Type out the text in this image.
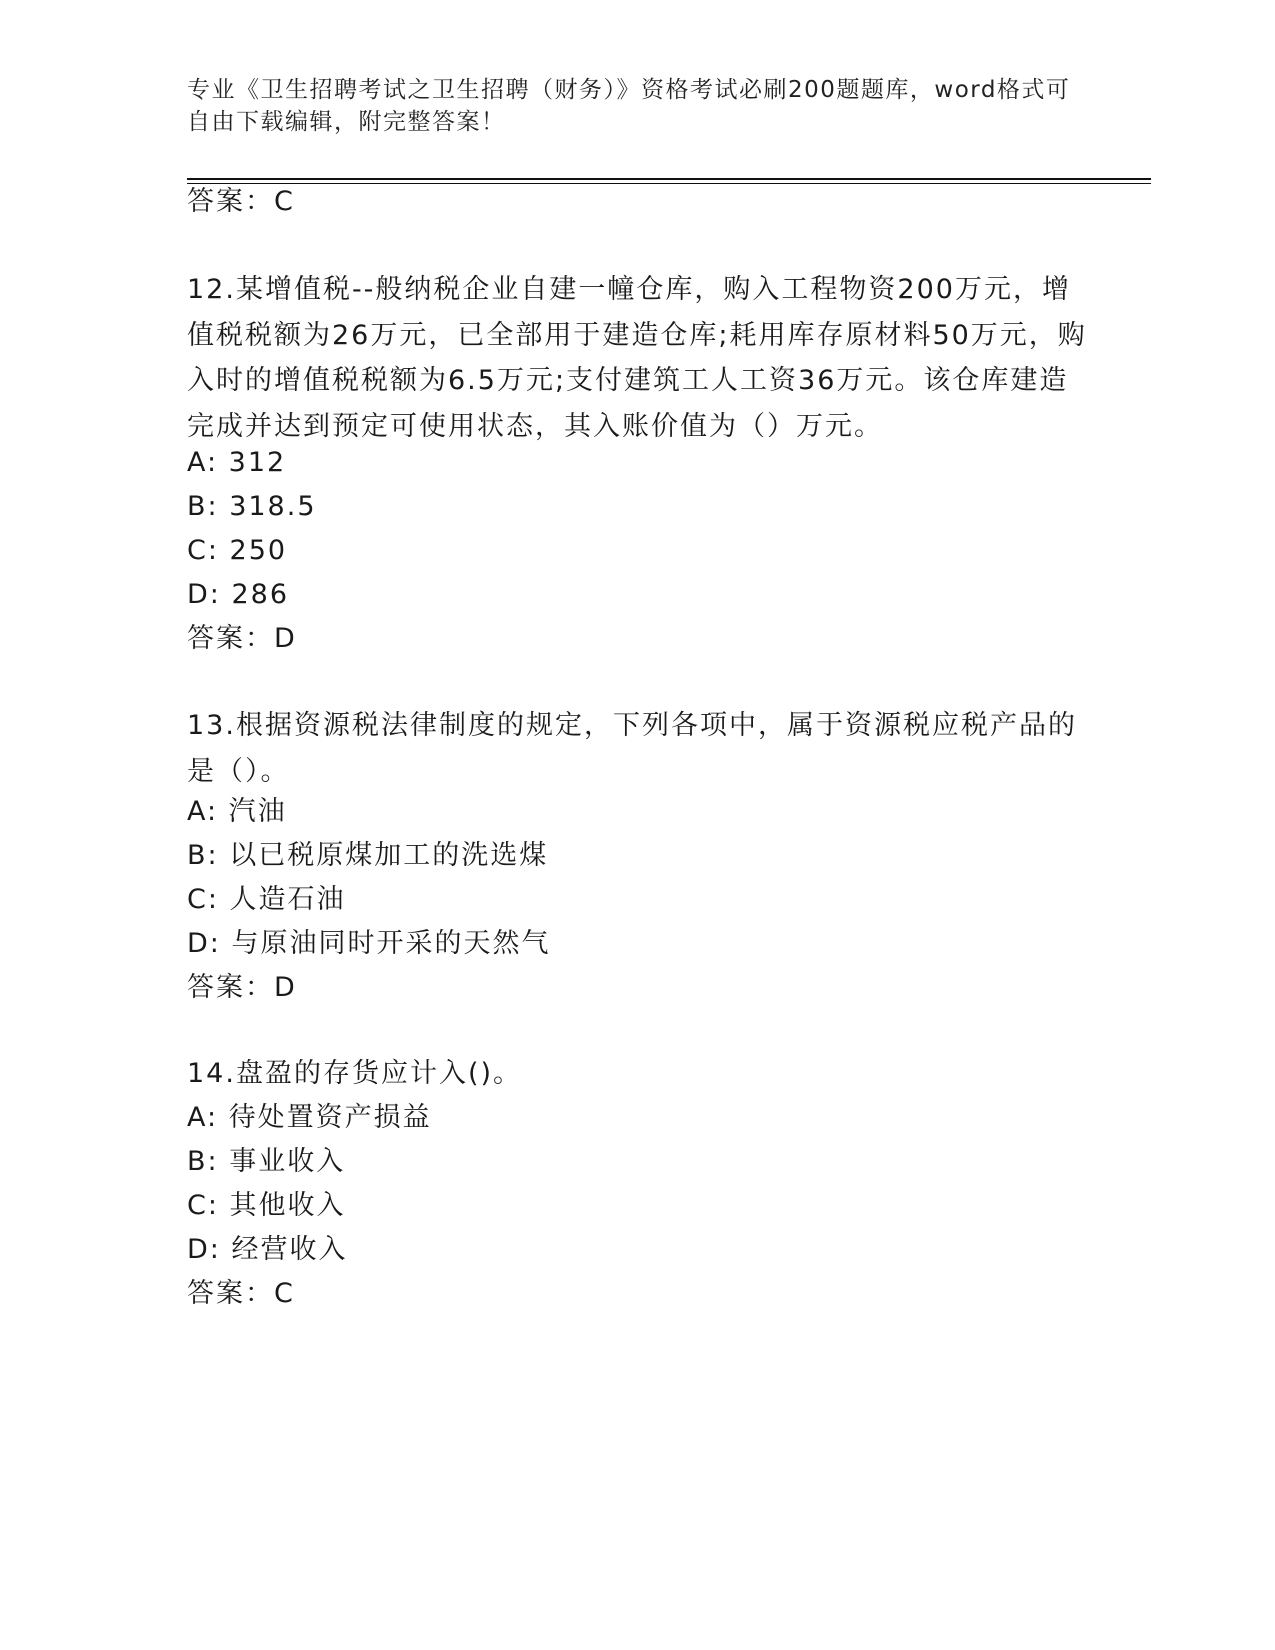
专业《卫生招聘考试之卫生招聘（财务）》资格考试必刷200题题库，word格式可自由下载编辑，附完整答案！
答案：C
12.某增值税--般纳税企业自建一幢仓库，购入工程物资200万元，增值税税额为26万元，已全部用于建造仓库;耗用库存原材料50万元，购入时的增值税税额为6.5万元;支付建筑工人工资36万元。该仓库建造完成并达到预定可使用状态，其入账价值为（）万元。
A: 312
B: 318.5
C: 250
D: 286
答案：D
13.根据资源税法律制度的规定，下列各项中，属于资源税应税产品的是（）。
A: 汽油
B: 以已税原煤加工的洗选煤
C: 人造石油
D: 与原油同时开采的天然气
答案：D
14.盘盈的存货应计入()。
A: 待处置资产损益
B: 事业收入
C: 其他收入
D: 经营收入
答案：C
